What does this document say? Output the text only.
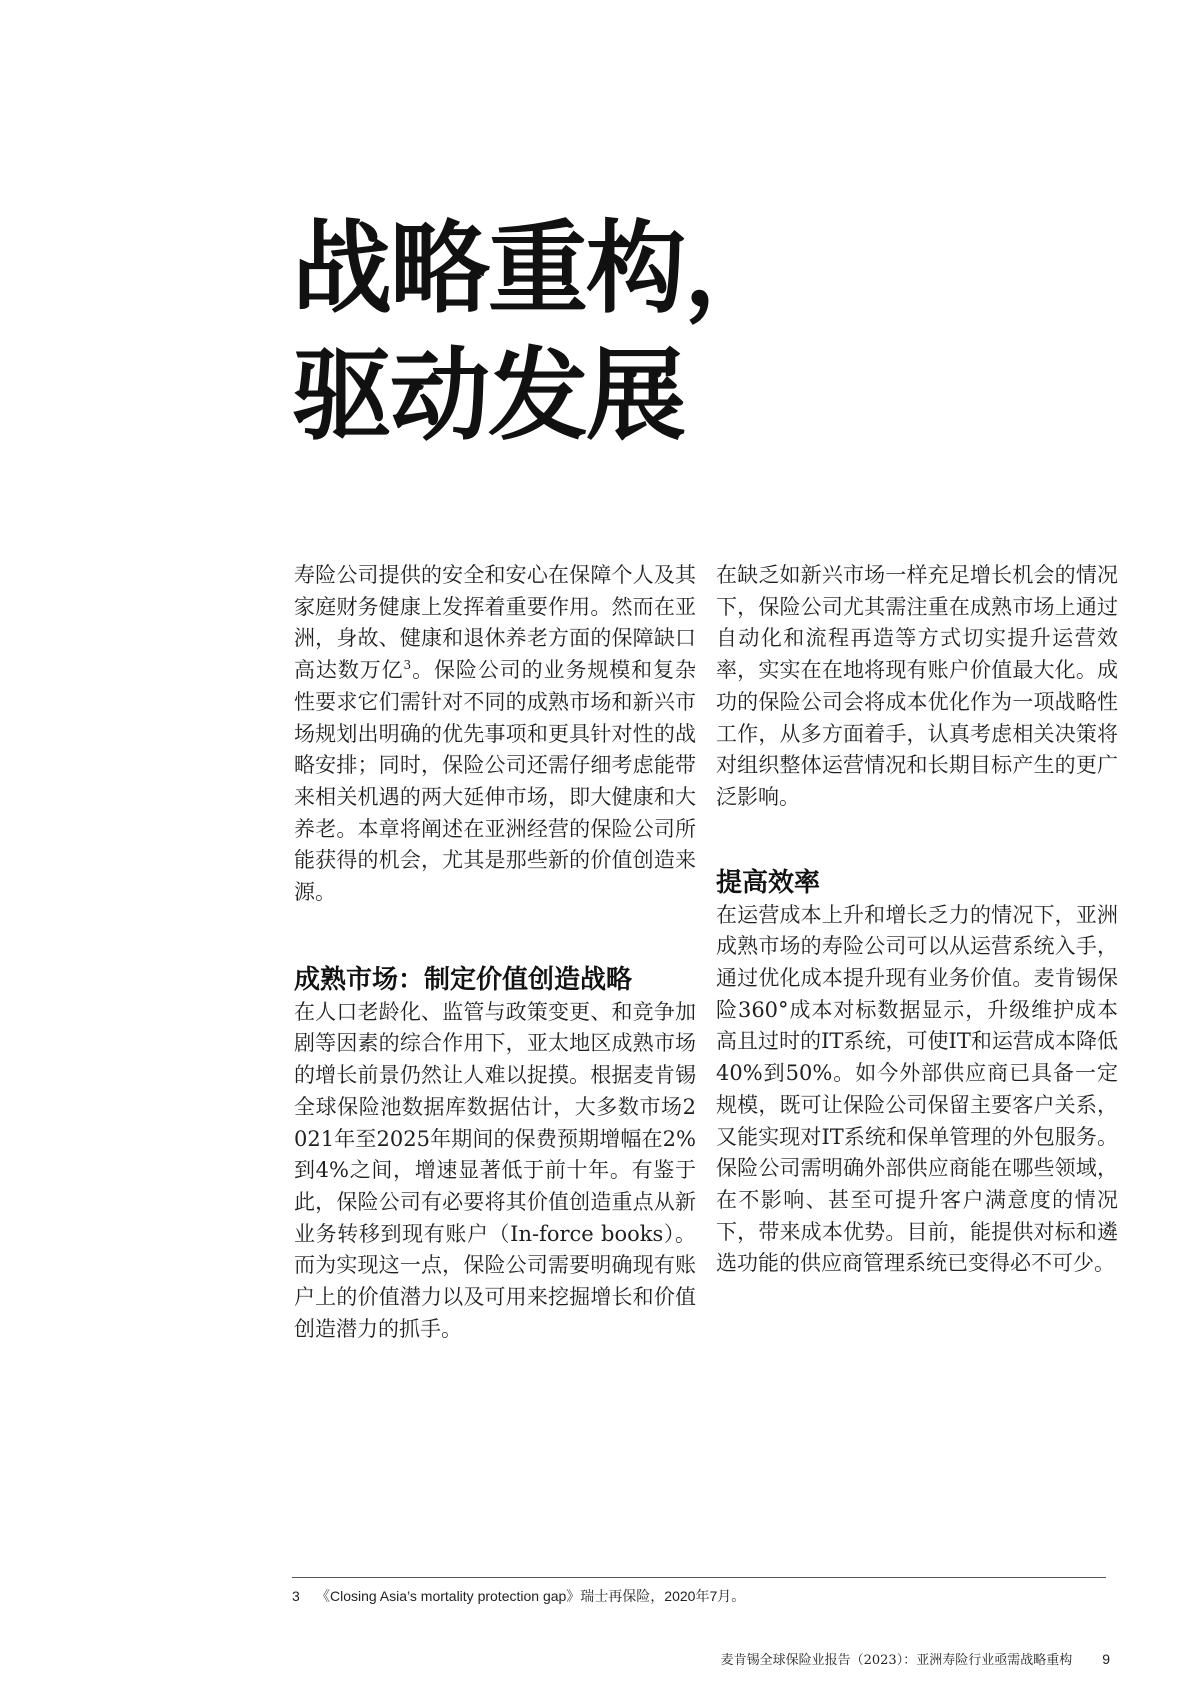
战略重构，
驱动发展

寿险公司提供的安全和安心在保障个人及其家庭财务健康上发挥着重要作用。然而在亚洲，身故、健康和退休养老方面的保障缺口高达数万亿$^3$。保险公司的业务规模和复杂性要求它们需针对不同的成熟市场和新兴市场规划出明确的优先事项和更具针对性的战略安排；同时，保险公司还需仔细考虑能带来相关机遇的两大延伸市场，即大健康和大养老。本章将阐述在亚洲经营的保险公司所能获得的机会，尤其是那些新的价值创造来源。

成熟市场：制定价值创造战略

在人口老龄化、监管与政策变更、和竞争加剧等因素的综合作用下，亚太地区成熟市场的增长前景仍然让人难以捉摸。根据麦肯锡全球保险池数据库数据估计，大多数市场2021年至2025年期间的保费预期增幅在2%到4%之间，增速显著低于前十年。有鉴于此，保险公司有必要将其价值创造重点从新业务转移到现有账户（In-force books）。而为实现这一点，保险公司需要明确现有账户上的价值潜力以及可用来挖掘增长和价值创造潜力的抓手。

在缺乏如新兴市场一样充足增长机会的情况下，保险公司尤其需注重在成熟市场上通过自动化和流程再造等方式切实提升运营效率，实实在在地将现有账户价值最大化。成功的保险公司会将成本优化作为一项战略性工作，从多方面着手，认真考虑相关决策将对组织整体运营情况和长期目标产生的更广泛影响。

提高效率

在运营成本上升和增长乏力的情况下，亚洲成熟市场的寿险公司可以从运营系统入手，通过优化成本提升现有业务价值。麦肯锡保险360°成本对标数据显示，升级维护成本高且过时的IT系统，可使IT和运营成本降低40%到50%。如今外部供应商已具备一定规模，既可让保险公司保留主要客户关系，又能实现对IT系统和保单管理的外包服务。保险公司需明确外部供应商能在哪些领域，在不影响、甚至可提升客户满意度的情况下，带来成本优势。目前，能提供对标和遴选功能的供应商管理系统已变得必不可少。

3 《Closing Asia’s mortality protection gap》瑞士再保险，2020年7月。
麦肯锡全球保险业报告（2023）：亚洲寿险行业亟需战略重构 9
